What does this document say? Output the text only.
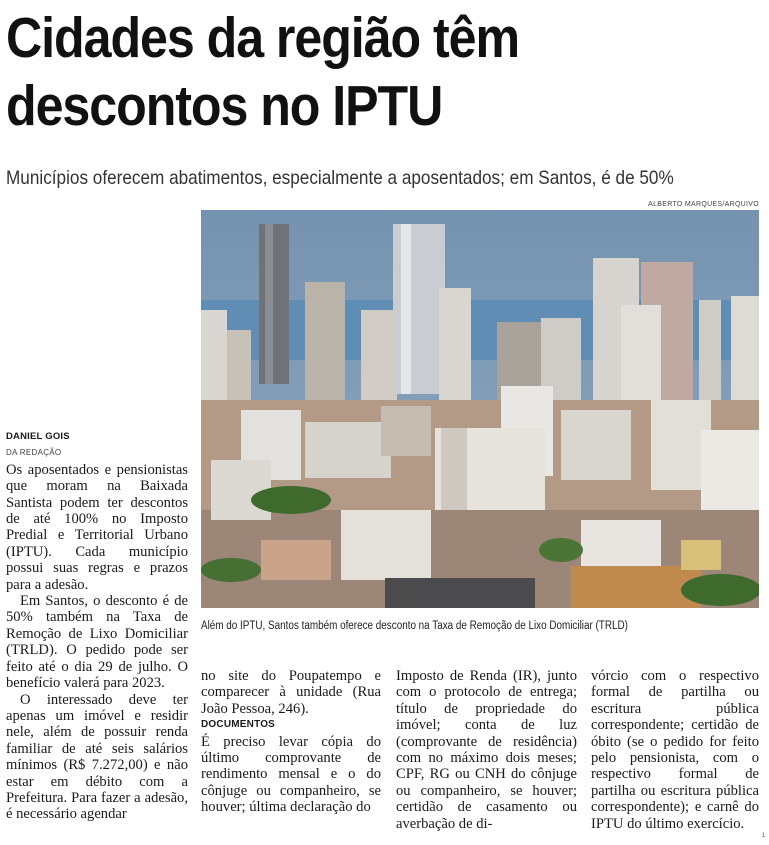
Cidades da região têm
descontos no IPTU

Municípios oferecem abatimentos, especialmente a aposentados; em Santos, é de 50%

ALBERTO MARQUES/ARQUIVO

Além do IPTU, Santos também oferece desconto na Taxa de Remoção de Lixo Domiciliar (TRLD)

DANIEL GOIS

DA REDAÇÃO

Os aposentados e pensionistas que moram na Baixada Santista podem ter descontos de até 100% no Imposto Predial e Territorial Urbano (IPTU). Cada município possui suas regras e prazos para a adesão.

Em Santos, o desconto é de 50% também na Taxa de Remoção de Lixo Domiciliar (TRLD). O pedido pode ser feito até o dia 29 de julho. O benefício valerá para 2023.

O interessado deve ter apenas um imóvel e residir nele, além de possuir renda familiar de até seis salários mínimos (R$ 7.272,00) e não estar em débito com a Prefeitura. Para fazer a adesão, é necessário agendar

no site do Poupatempo e comparecer à unidade (Rua João Pessoa, 246).

DOCUMENTOS

É preciso levar cópia do último comprovante de rendimento mensal e o do cônjuge ou companheiro, se houver; última declaração do

Imposto de Renda (IR), junto com o protocolo de entrega; título de propriedade do imóvel; conta de luz (comprovante de residência) com no máximo dois meses; CPF, RG ou CNH do cônjuge ou companheiro, se houver; certidão de casamento ou averbação de di-

vórcio com o respectivo formal de partilha ou escritura pública correspondente; certidão de óbito (se o pedido for feito pelo pensionista, com o respectivo formal de partilha ou escritura pública correspondente); e carnê do IPTU do último exercício.

1
